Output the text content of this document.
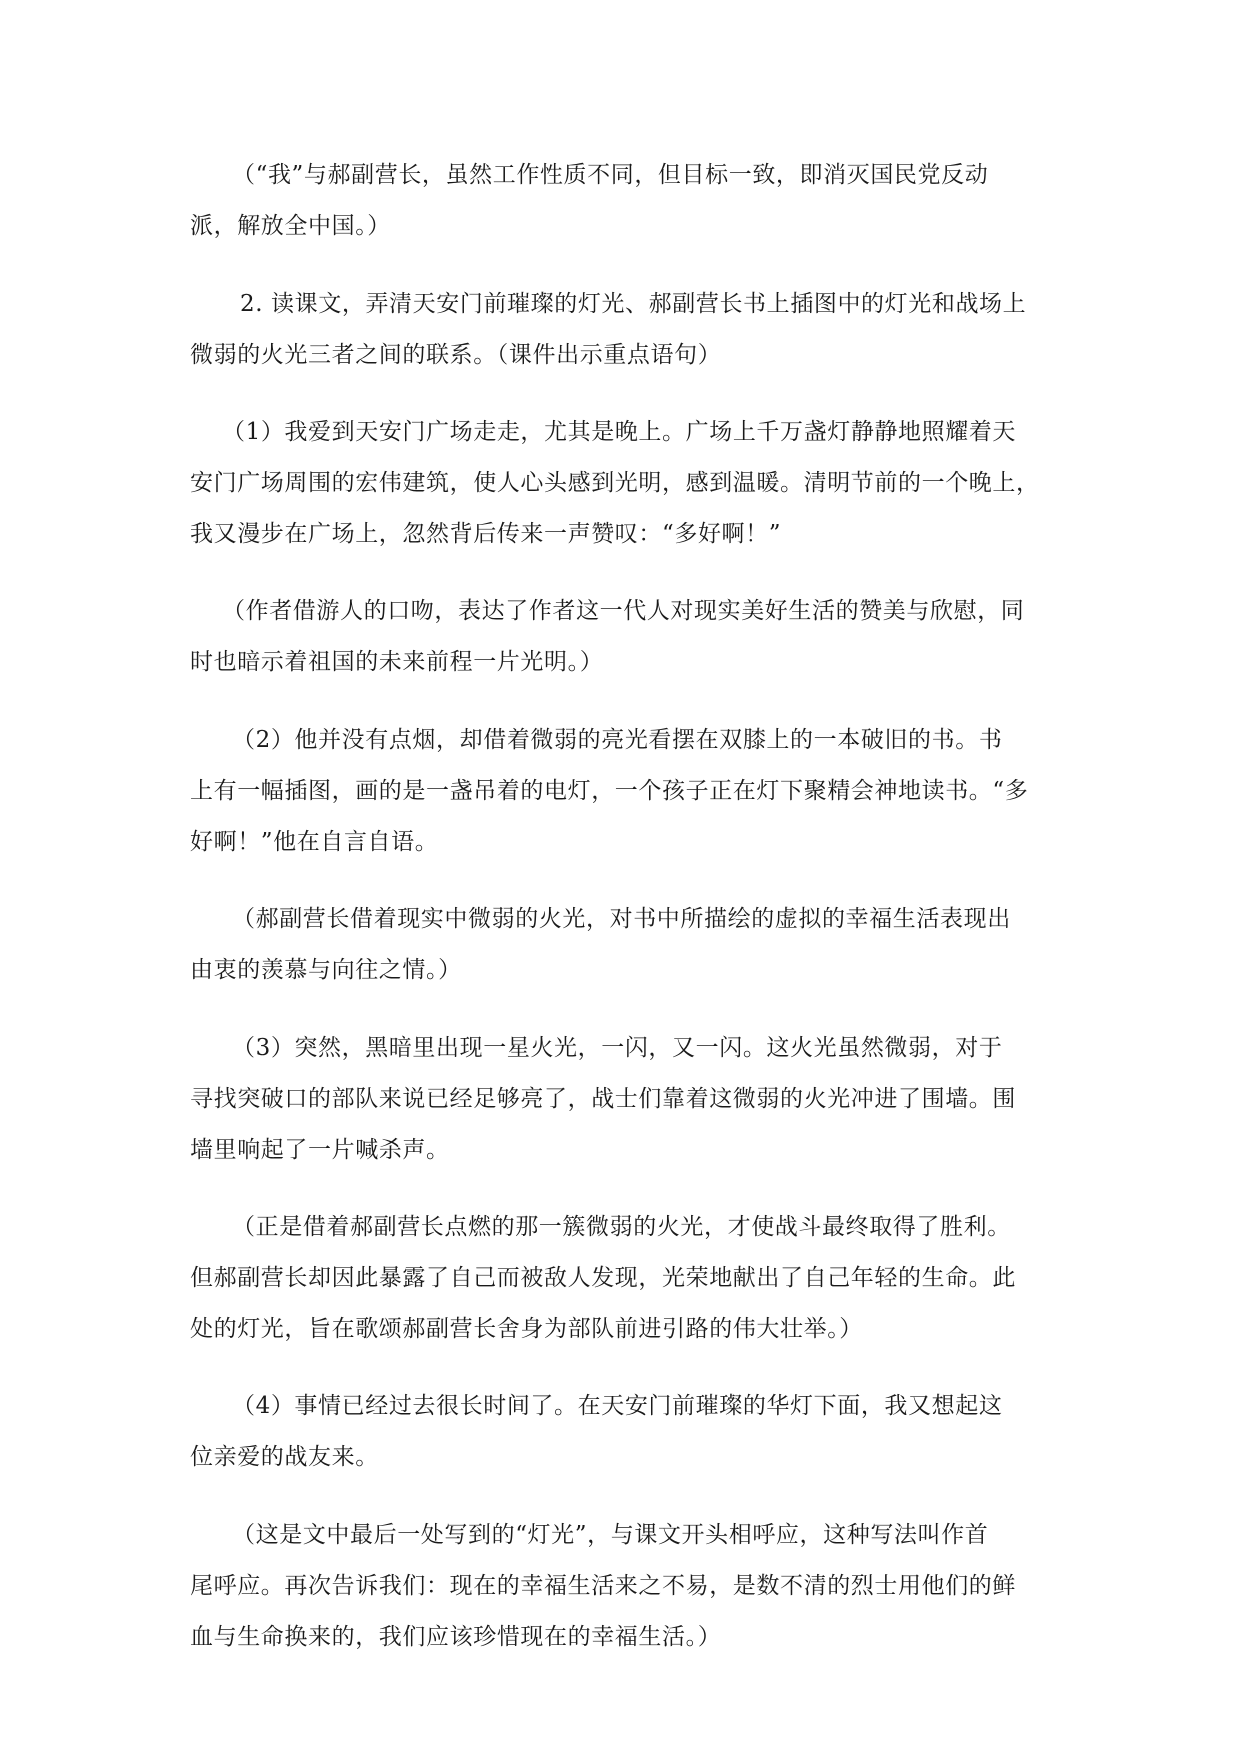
（“我”与郝副营长，虽然工作性质不同，但目标一致，即消灭国民党反动
派，解放全中国。）
2. 读课文，弄清天安门前璀璨的灯光、郝副营长书上插图中的灯光和战场上
微弱的火光三者之间的联系。（课件出示重点语句）
（1）我爱到天安门广场走走，尤其是晚上。广场上千万盏灯静静地照耀着天
安门广场周围的宏伟建筑，使人心头感到光明，感到温暖。清明节前的一个晚上，
我又漫步在广场上，忽然背后传来一声赞叹：“多好啊！”
（作者借游人的口吻，表达了作者这一代人对现实美好生活的赞美与欣慰，同
时也暗示着祖国的未来前程一片光明。）
（2）他并没有点烟，却借着微弱的亮光看摆在双膝上的一本破旧的书。书
上有一幅插图，画的是一盏吊着的电灯，一个孩子正在灯下聚精会神地读书。“多
好啊！”他在自言自语。
（郝副营长借着现实中微弱的火光，对书中所描绘的虚拟的幸福生活表现出
由衷的羡慕与向往之情。）
（3）突然，黑暗里出现一星火光，一闪，又一闪。这火光虽然微弱，对于
寻找突破口的部队来说已经足够亮了，战士们靠着这微弱的火光冲进了围墙。围
墙里响起了一片喊杀声。
（正是借着郝副营长点燃的那一簇微弱的火光，才使战斗最终取得了胜利。
但郝副营长却因此暴露了自己而被敌人发现，光荣地献出了自己年轻的生命。此
处的灯光，旨在歌颂郝副营长舍身为部队前进引路的伟大壮举。）
（4）事情已经过去很长时间了。在天安门前璀璨的华灯下面，我又想起这
位亲爱的战友来。
（这是文中最后一处写到的“灯光”，与课文开头相呼应，这种写法叫作首
尾呼应。再次告诉我们：现在的幸福生活来之不易，是数不清的烈士用他们的鲜
血与生命换来的，我们应该珍惜现在的幸福生活。）
